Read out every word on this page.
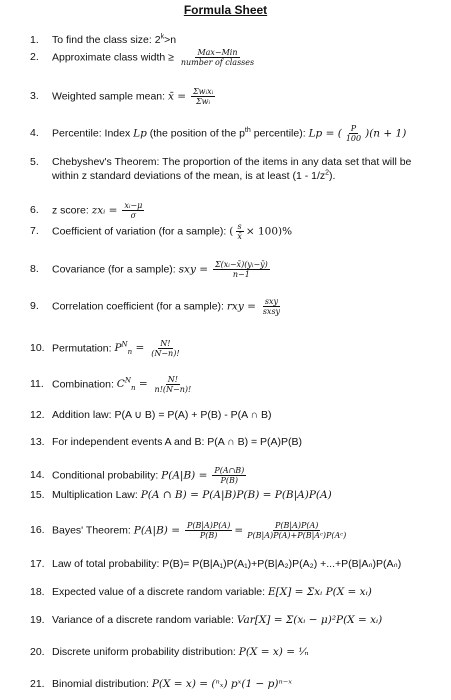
Formula Sheet
1. To find the class size: $2^k>n$
2. Approximate class width ≥ $\frac{\text{Max−Min}}{\text{number of classes}}$
3. Weighted sample mean: x̄ = $\frac{\text{Σwᵢxᵢ}}{\text{Σwᵢ}}$
4. Percentile: Index Lp (the position of the $p^{th}$ percentile): Lp = ( $\frac{P}{100} )(n + 1)$
5. Chebyshev's Theorem: The proportion of the items in any data set that will be
within z standard deviations of the mean, is at least $(1 - 1/z^2)$.
6. z score: zxᵢ = $\frac{\text{xᵢ−μ}}{\sigma}$
7. Coefficient of variation (for a sample): ( $\frac{s}{x̄} \times 100)\%$
8. Covariance (for a sample): sxy = $\frac{\text{Σ(xᵢ−x̄)(yᵢ−ȳ)}}{n-1}$
9. Correlation coefficient (for a sample): rxy = $\frac{\text{sxy}}{\text{sxsy}}$
10. Permutation: $P^N_n = \frac{N!}{(N-n)!}$
11. Combination: $C^N_n = \frac{N!}{n!(N-n)!}$
12. Addition law: P(A ∪ B) = P(A) + P(B) - P(A ∩ B)
13. For independent events A and B: P(A ∩ B) = P(A)P(B)
14. Conditional probability: $P(A|B) = \frac{P(A\cap B)}{P(B)}$
15. Multiplication Law: P(A ∩ B) = P(A|B)P(B) = P(B|A)P(A)
16. Bayes' Theorem: $P(A|B) = \frac{P(B|A)P(A)}{P(B)} = \frac{P(B|A)P(A)}{\text{P(B|A)P(A)+P(B|Aᶜ)P(Aᶜ)}}$
17. Law of total probability: P(B)= P(B|A₁)P(A₁)+P(B|A₂)P(A₂) +...+P(B|Aₙ)P(Aₙ)
18. Expected value of a discrete random variable: E[X] = Σxᵢ P(X = xᵢ)
19. Variance of a discrete random variable: Var[X] = Σ(xᵢ − μ)²P(X = xᵢ)
20. Discrete uniform probability distribution: P(X = x) = ¹⁄ₙ
21. Binomial distribution: P(X = x) = (ⁿₓ) pˣ(1 − p)ⁿ⁻ˣ
